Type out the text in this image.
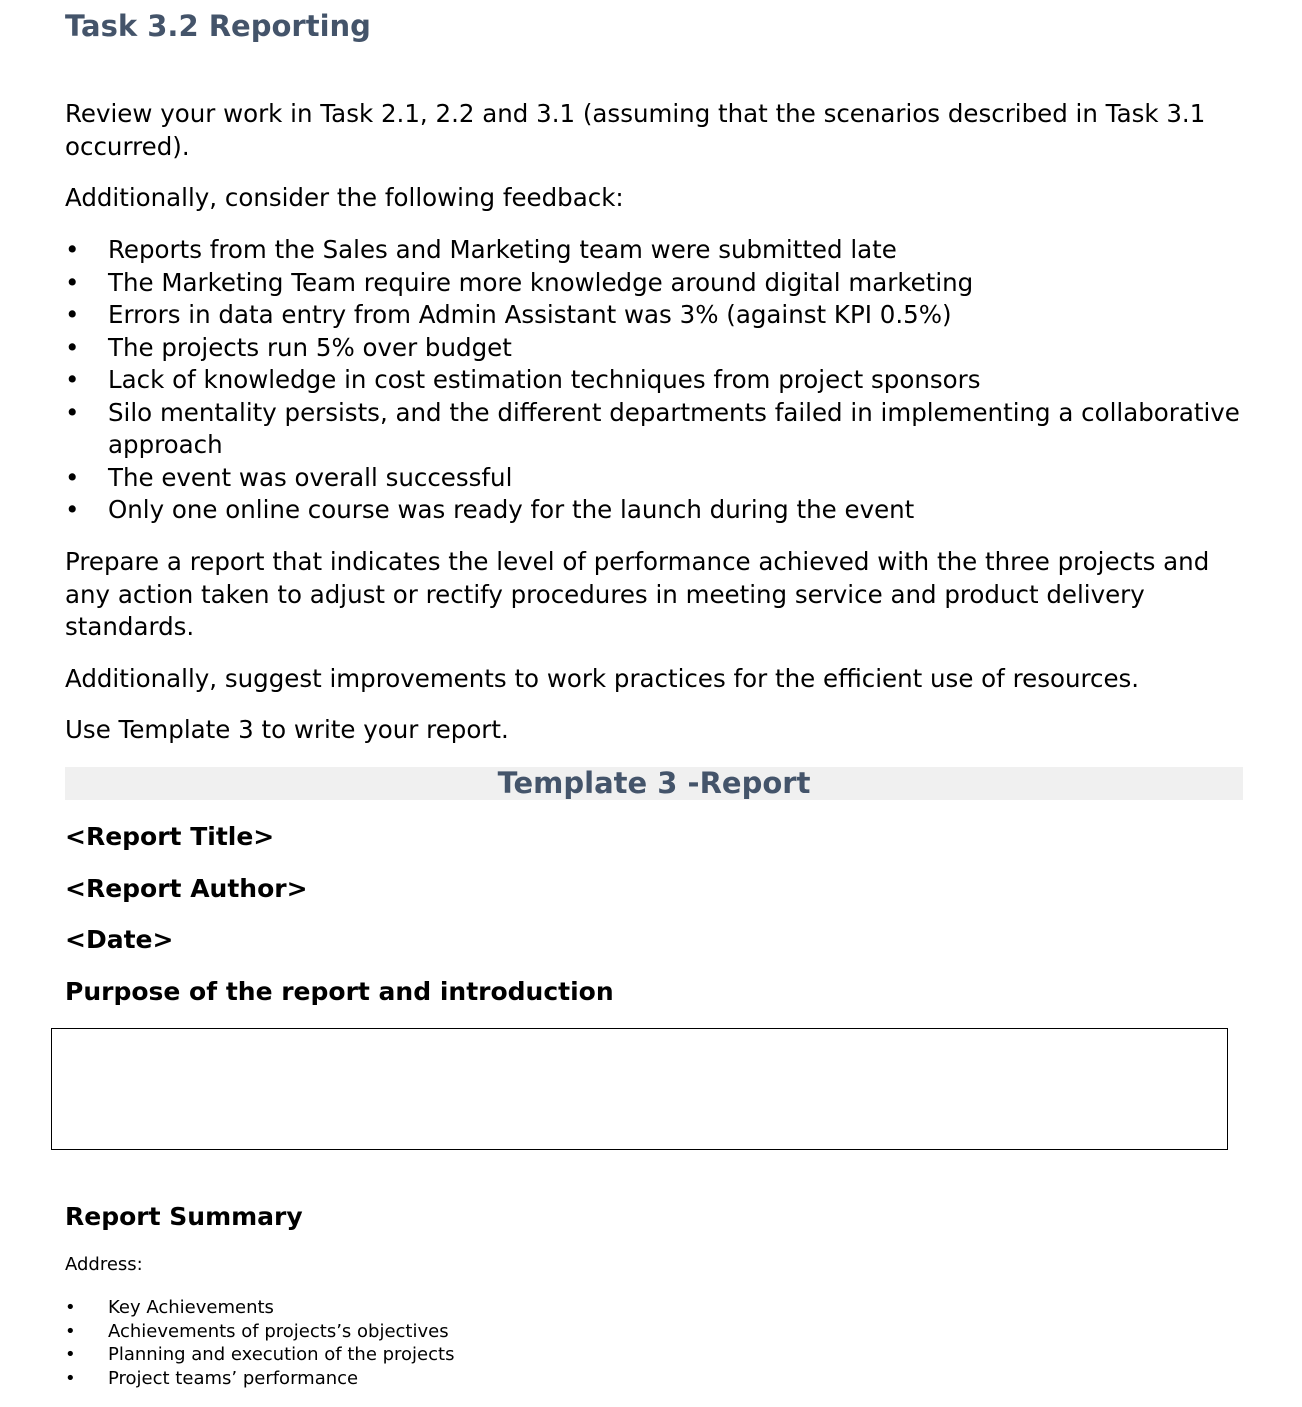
Task 3.2 Reporting

Review your work in Task 2.1, 2.2 and 3.1 (assuming that the scenarios described in Task 3.1 occurred).

Additionally, consider the following feedback:

• Reports from the Sales and Marketing team were submitted late
• The Marketing Team require more knowledge around digital marketing
• Errors in data entry from Admin Assistant was 3% (against KPI 0.5%)
• The projects run 5% over budget
• Lack of knowledge in cost estimation techniques from project sponsors
• Silo mentality persists, and the different departments failed in implementing a collaborative approach
• The event was overall successful
• Only one online course was ready for the launch during the event

Prepare a report that indicates the level of performance achieved with the three projects and any action taken to adjust or rectify procedures in meeting service and product delivery standards.

Additionally, suggest improvements to work practices for the efficient use of resources.

Use Template 3 to write your report.

Template 3 -Report

<Report Title>

<Report Author>

<Date>

Purpose of the report and introduction

Report Summary

Address:

• Key Achievements
• Achievements of projects’s objectives
• Planning and execution of the projects
• Project teams’ performance
